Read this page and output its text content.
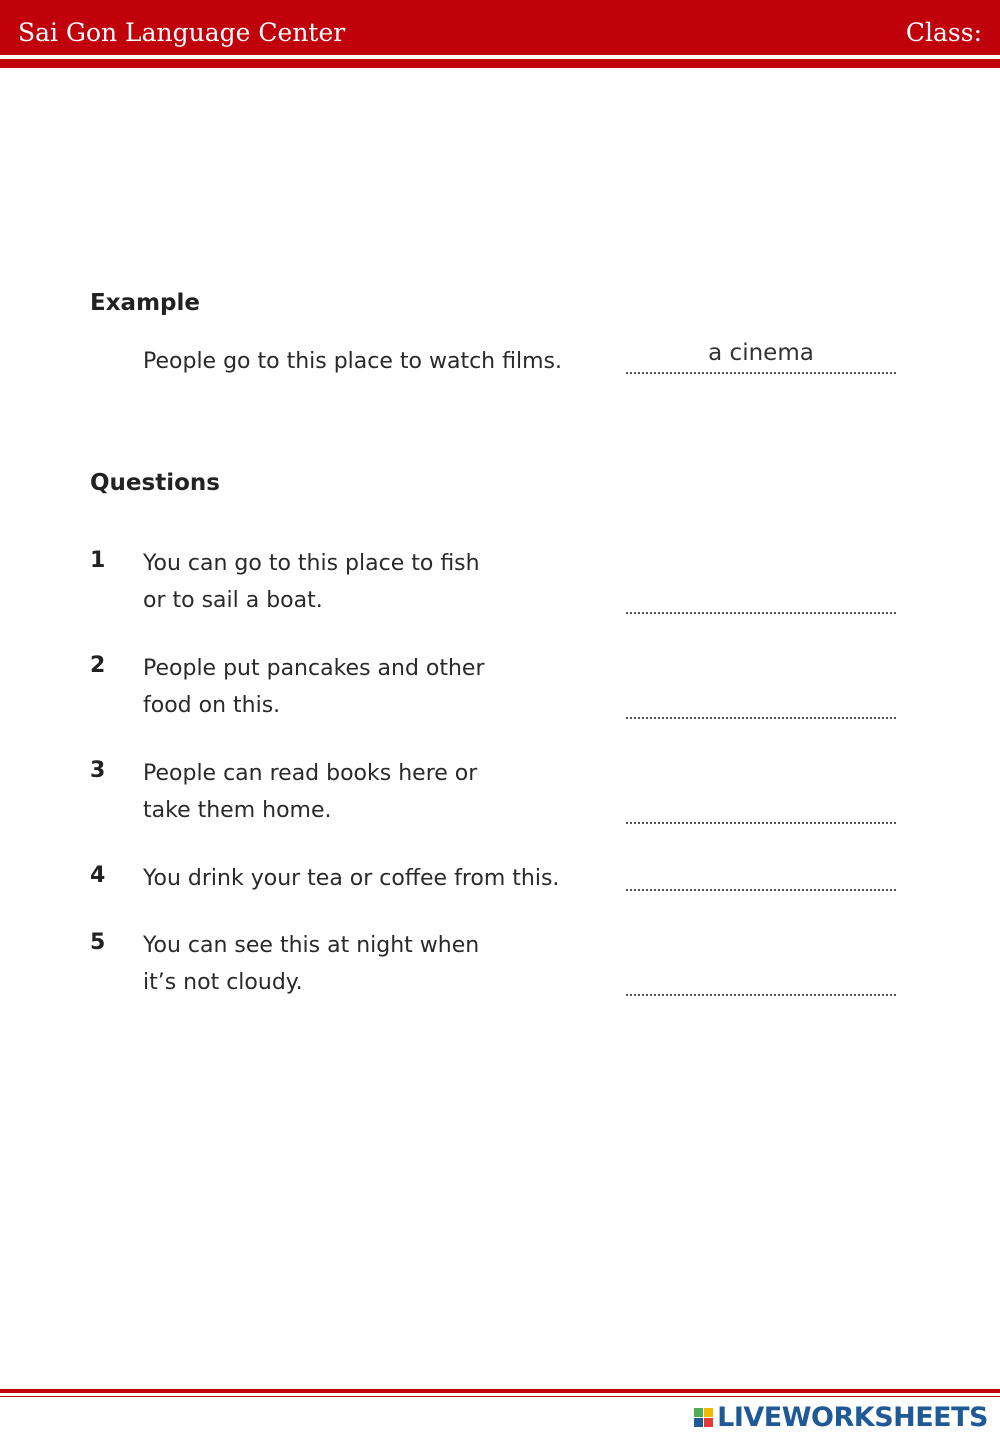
Sai Gon Language Center	Class:
Example

People go to this place to watch films.	a cinema
Questions
1 You can go to this place to fish
or to sail a boat.

2 People put pancakes and other
food on this.

3 People can read books here or
take them home.

4 You drink your tea or coffee from this.

5 You can see this at night when
it’s not cloudy.

LIVEWORKSHEETS
